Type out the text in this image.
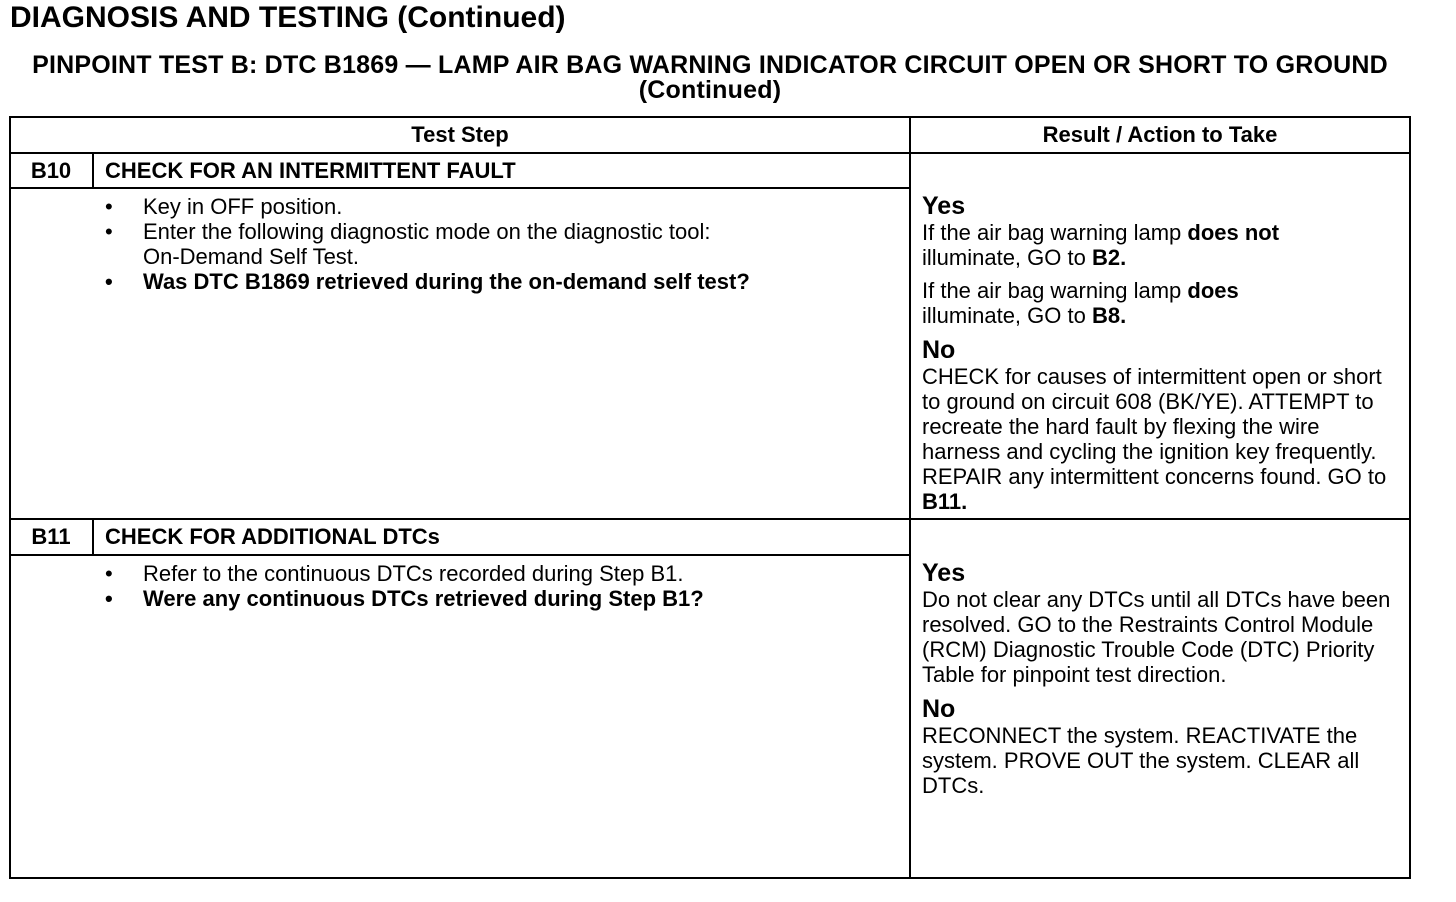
DIAGNOSIS AND TESTING (Continued)
PINPOINT TEST B: DTC B1869 — LAMP AIR BAG WARNING INDICATOR CIRCUIT OPEN OR SHORT TO GROUND (Continued)
Test Step	Result / Action to Take
B10	CHECK FOR AN INTERMITTENT FAULT
•	Key in OFF position.
•	Enter the following diagnostic mode on the diagnostic tool:
On-Demand Self Test.
•	Was DTC B1869 retrieved during the on-demand self test?
Yes

If the air bag warning lamp does not
illuminate, GO to B2.

If the air bag warning lamp does
illuminate, GO to B8.

No

CHECK for causes of intermittent open or short to ground on circuit 608 (BK/YE). ATTEMPT to recreate the hard fault by flexing the wire harness and cycling the ignition key frequently. REPAIR any intermittent concerns found. GO to B11.

B11	CHECK FOR ADDITIONAL DTCs
•	Refer to the continuous DTCs recorded during Step B1.
•	Were any continuous DTCs retrieved during Step B1?
Yes

Do not clear any DTCs until all DTCs have been resolved. GO to the Restraints Control Module (RCM) Diagnostic Trouble Code (DTC) Priority Table for pinpoint test direction.

No

RECONNECT the system. REACTIVATE the system. PROVE OUT the system. CLEAR all DTCs.
